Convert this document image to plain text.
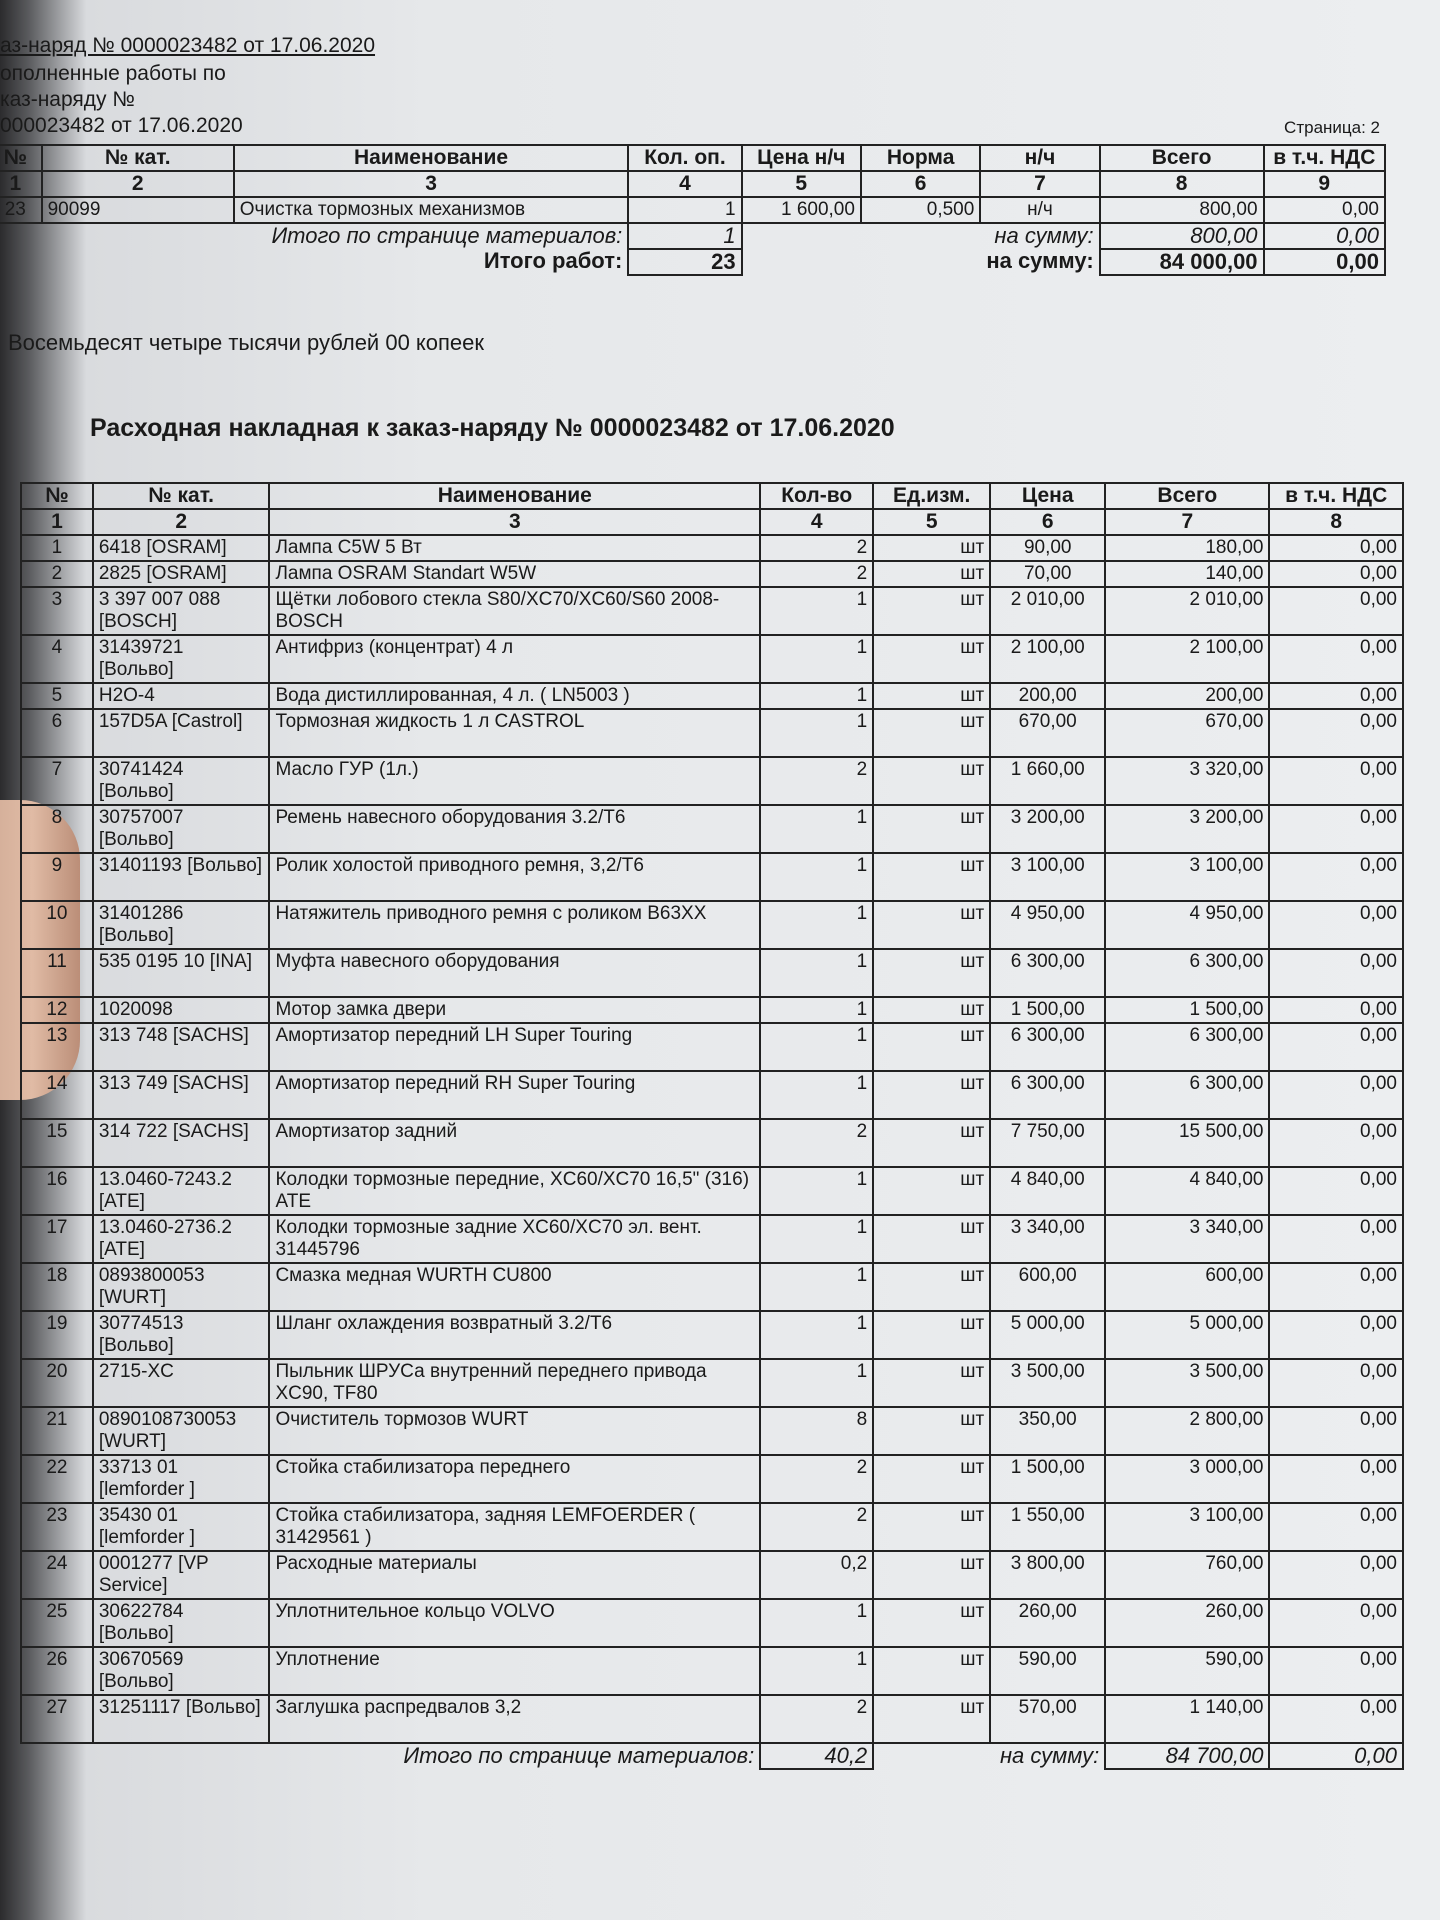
аз-наряд № 0000023482 от 17.06.2020
ополненные работы по
каз-наряду №
000023482 от 17.06.2020	Страница: 2
№	№ кат.	Наименование	Кол. оп.	Цена н/ч	Норма	н/ч	Всего	в т.ч. НДС
1	2	3	4	5	6	7	8	9
23	90099	Очистка тормозных механизмов	1	1 600,00	0,500	н/ч	800,00	0,00
Итого по странице материалов:			1	на сумму:			800,00	0,00
Итого работ:			23	на сумму:			84 000,00	0,00
Восемьдесят четыре тысячи рублей 00 копеек
Расходная накладная к заказ-наряду № 0000023482 от 17.06.2020
№	№ кат.	Наименование	Кол-во	Ед.изм.	Цена	Всего	в т.ч. НДС
1	2	3	4	5	6	7	8
1	6418 [OSRAM]	Лампа C5W 5 Вт	2	шт	90,00	180,00	0,00
2	2825 [OSRAM]	Лампа OSRAM Standart W5W	2	шт	70,00	140,00	0,00
3	3 397 007 088 [BOSCH]	Щётки лобового стекла S80/XC70/XC60/S60 2008- BOSCH	1	шт	2 010,00	2 010,00	0,00
4	31439721 [Вольво]	Антифриз (концентрат) 4 л	1	шт	2 100,00	2 100,00	0,00
5	H2O-4	Вода дистиллированная, 4 л. ( LN5003 )	1	шт	200,00	200,00	0,00
6	157D5A [Castrol]	Тормозная жидкость 1 л CASTROL	1	шт	670,00	670,00	0,00
7	30741424 [Вольво]	Масло ГУР (1л.)	2	шт	1 660,00	3 320,00	0,00
8	30757007 [Вольво]	Ремень навесного оборудования 3.2/T6	1	шт	3 200,00	3 200,00	0,00
9	31401193 [Вольво]	Ролик холостой приводного ремня, 3,2/T6	1	шт	3 100,00	3 100,00	0,00
10	31401286 [Вольво]	Натяжитель приводного ремня с роликом B63XX	1	шт	4 950,00	4 950,00	0,00
11	535 0195 10 [INA]	Муфта навесного оборудования	1	шт	6 300,00	6 300,00	0,00
12	1020098	Мотор замка двери	1	шт	1 500,00	1 500,00	0,00
13	313 748 [SACHS]	Амортизатор передний LH Super Touring	1	шт	6 300,00	6 300,00	0,00
14	313 749 [SACHS]	Амортизатор передний RH Super Touring	1	шт	6 300,00	6 300,00	0,00
15	314 722 [SACHS]	Амортизатор задний	2	шт	7 750,00	15 500,00	0,00
16	13.0460-7243.2 [ATE]	Колодки тормозные передние, XC60/XC70 16,5" (316) ATE	1	шт	4 840,00	4 840,00	0,00
17	13.0460-2736.2 [ATE]	Колодки тормозные задние XC60/XC70 эл. вент. 31445796	1	шт	3 340,00	3 340,00	0,00
18	0893800053 [WURT]	Смазка медная WURTH CU800	1	шт	600,00	600,00	0,00
19	30774513 [Вольво]	Шланг охлаждения возвратный 3.2/T6	1	шт	5 000,00	5 000,00	0,00
20	2715-XC	Пыльник ШРУСа внутренний переднего привода XC90, TF80	1	шт	3 500,00	3 500,00	0,00
21	0890108730053 [WURT]	Очиститель тормозов WURT	8	шт	350,00	2 800,00	0,00
22	33713 01 [lemforder ]	Стойка стабилизатора переднего	2	шт	1 500,00	3 000,00	0,00
23	35430 01 [lemforder ]	Стойка стабилизатора, задняя LEMFOERDER ( 31429561 )	2	шт	1 550,00	3 100,00	0,00
24	0001277 [VP Service]	Расходные материалы	0,2	шт	3 800,00	760,00	0,00
25	30622784 [Вольво]	Уплотнительное кольцо VOLVO	1	шт	260,00	260,00	0,00
26	30670569 [Вольво]	Уплотнение	1	шт	590,00	590,00	0,00
27	31251117 [Вольво]	Заглушка распредвалов 3,2	2	шт	570,00	1 140,00	0,00
Итого по странице материалов:			40,2	на сумму:		84 700,00	0,00
